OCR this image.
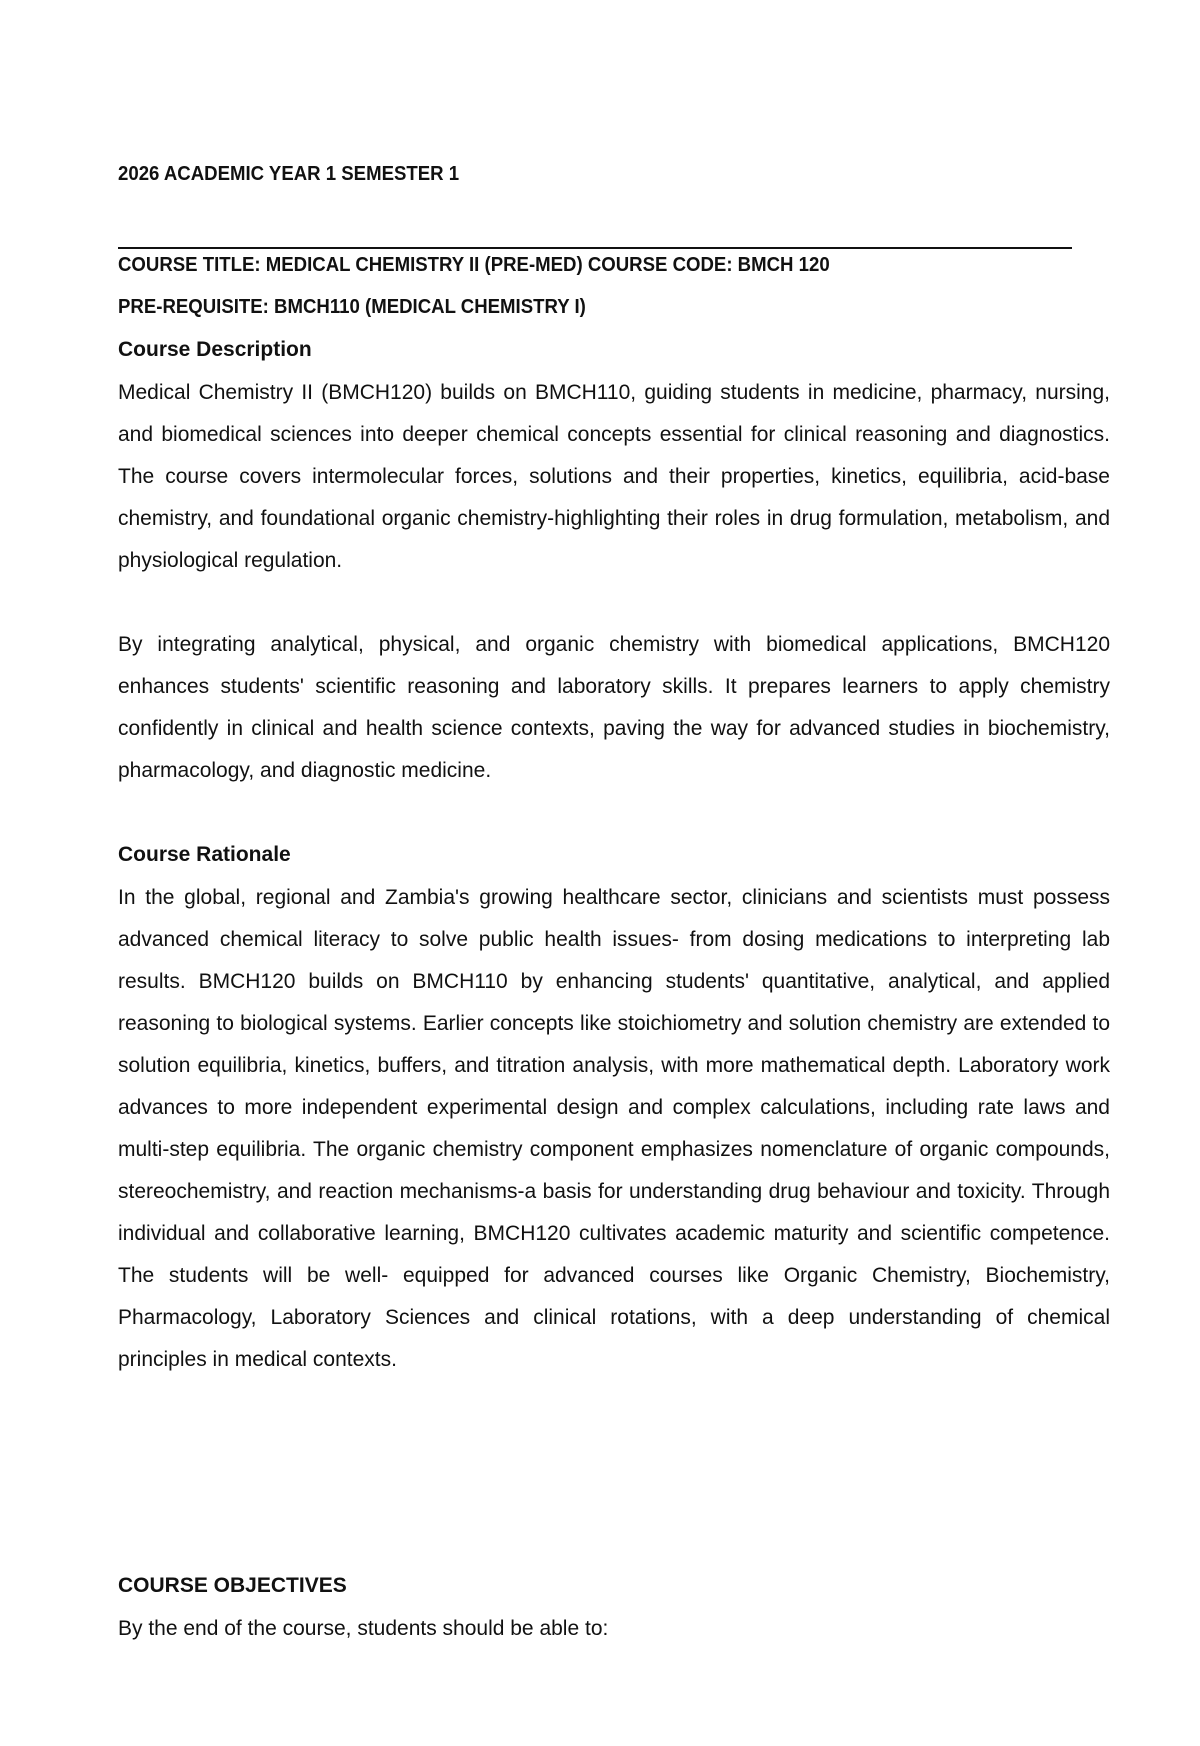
2026 ACADEMIC YEAR 1 SEMESTER 1
COURSE TITLE: MEDICAL CHEMISTRY II (PRE-MED) COURSE CODE: BMCH 120
PRE-REQUISITE: BMCH110 (MEDICAL CHEMISTRY I)
Course Description

Medical Chemistry II (BMCH120) builds on BMCH110, guiding students in medicine, pharmacy, nursing, and biomedical sciences into deeper chemical concepts essential for clinical reasoning and diagnostics. The course covers intermolecular forces, solutions and their properties, kinetics, equilibria, acid-base chemistry, and foundational organic chemistry-highlighting their roles in drug formulation, metabolism, and physiological regulation.

By integrating analytical, physical, and organic chemistry with biomedical applications, BMCH120 enhances students' scientific reasoning and laboratory skills. It prepares learners to apply chemistry confidently in clinical and health science contexts, paving the way for advanced studies in biochemistry, pharmacology, and diagnostic medicine.

Course Rationale

In the global, regional and Zambia's growing healthcare sector, clinicians and scientists must possess advanced chemical literacy to solve public health issues- from dosing medications to interpreting lab results. BMCH120 builds on BMCH110 by enhancing students' quantitative, analytical, and applied reasoning to biological systems. Earlier concepts like stoichiometry and solution chemistry are extended to solution equilibria, kinetics, buffers, and titration analysis, with more mathematical depth. Laboratory work advances to more independent experimental design and complex calculations, including rate laws and multi-step equilibria. The organic chemistry component emphasizes nomenclature of organic compounds, stereochemistry, and reaction mechanisms-a basis for understanding drug behaviour and toxicity. Through individual and collaborative learning, BMCH120 cultivates academic maturity and scientific competence. The students will be well- equipped for advanced courses like Organic Chemistry, Biochemistry, Pharmacology, Laboratory Sciences and clinical rotations, with a deep understanding of chemical principles in medical contexts.

COURSE OBJECTIVES

By the end of the course, students should be able to:
